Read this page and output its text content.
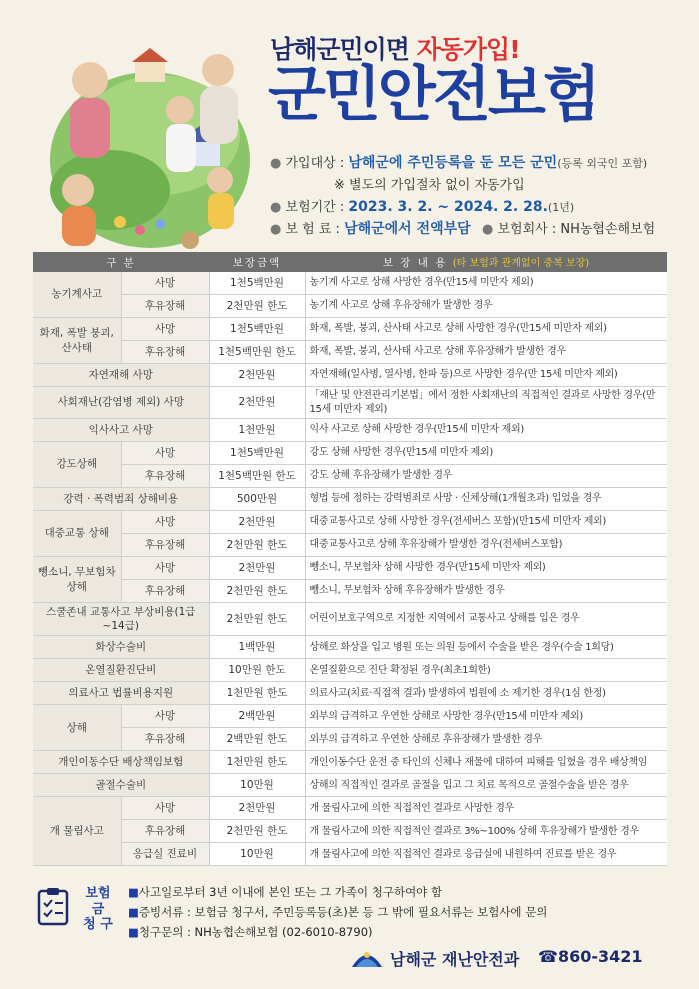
남해군민이면 자동가입!
군민안전보험
● 가입대상 : 남해군에 주민등록을 둔 모든 군민(등록 외국인 포함)
※ 별도의 가입절차 없이 자동가입
● 보험기간 : 2023. 3. 2. ~ 2024. 2. 28.(1년)
● 보 험 료 : 남해군에서 전액부담 ● 보험회사 : NH농협손해보험
구 분		보장금액	보 장 내 용 (타 보험과 관계없이 중복 보장)
농기계사고	사망	1천5백만원	농기계 사고로 상해 사망한 경우(만15세 미만자 제외)
	후유장해	2천만원 한도	농기계 사고로 상해 후유장해가 발생한 경우
화재, 폭발 붕괴, 산사태	사망	1천5백만원	화재, 폭발, 붕괴, 산사태 사고로 상해 사망한 경우(만15세 미만자 제외)
	후유장해	1천5백만원 한도	화재, 폭발, 붕괴, 산사태 사고로 상해 후유장해가 발생한 경우
자연재해 사망		2천만원	자연재해(일사병, 열사병, 한파 등)으로 사망한 경우(만 15세 미만자 제외)
사회재난(감염병 제외) 사망		2천만원	「재난 및 안전관리기본법」에서 정한 사회재난의 직접적인 결과로 사망한 경우(만 15세 미만자 제외)
익사사고 사망		1천만원	익사 사고로 상해 사망한 경우(만15세 미만자 제외)
강도상해	사망	1천5백만원	강도 상해 사망한 경우(만15세 미만자 제외)
	후유장해	1천5백만원 한도	강도 상해 후유장해가 발생한 경우
강력 · 폭력범죄 상해비용		500만원	형법 등에 정하는 강력범죄로 사망 · 신체상해(1개월초과) 입었을 경우
대중교통 상해	사망	2천만원	대중교통사고로 상해 사망한 경우(전세버스 포함)(만15세 미만자 제외)
	후유장해	2천만원 한도	대중교통사고로 상해 후유장해가 발생한 경우(전세버스포함)
뺑소니, 무보험차상해	사망	2천만원	뺑소니, 무보험차 상해 사망한 경우(만15세 미만자 제외)
	후유장해	2천만원 한도	뺑소니, 무보험차 상해 후유장해가 발생한 경우
스쿨존내 교통사고 부상비용(1급~14급)		2천만원 한도	어린이보호구역으로 지정한 지역에서 교통사고 상해를 입은 경우
화상수술비		1백만원	상해로 화상을 입고 병원 또는 의원 등에서 수술을 받은 경우(수술 1회당)
온열질환진단비		10만원 한도	온열질환으로 진단 확정된 경우(최초1회한)
의료사고 법률비용지원		1천만원 한도	의료사고(치료·직접적 결과) 발생하여 법원에 소 제기한 경우(1심 한정)
상해	사망	2백만원	외부의 급격하고 우연한 상해로 사망한 경우(만15세 미만자 제외)
	후유장해	2백만원 한도	외부의 급격하고 우연한 상해로 후유장해가 발생한 경우
개인이동수단 배상책임보험		1천만원 한도	개인이동수단 운전 중 타인의 신체나 재물에 대하여 피해를 입혔을 경우 배상책임
골절수술비		10만원	상해의 직접적인 결과로 골절을 입고 그 치료 목적으로 골절수술을 받은 경우
개 물림사고	사망	2천만원	개 물림사고에 의한 직접적인 결과로 사망한 경우
	후유장해	2천만원 한도	개 물림사고에 의한 직접적인 결과로 3%~100% 상해 후유장해가 발생한 경우
	응급실 진료비	10만원	개 물림사고에 의한 직접적인 결과로 응급실에 내원하여 진료를 받은 경우
보험금
청 구
■사고일로부터 3년 이내에 본인 또는 그 가족이 청구하여야 함
■증빙서류 : 보험금 청구서, 주민등록등(초)본 등 그 밖에 필요서류는 보험사에 문의
■청구문의 : NH농협손해보험 (02-6010-8790)
남해군 재난안전과 ☎860-3421
